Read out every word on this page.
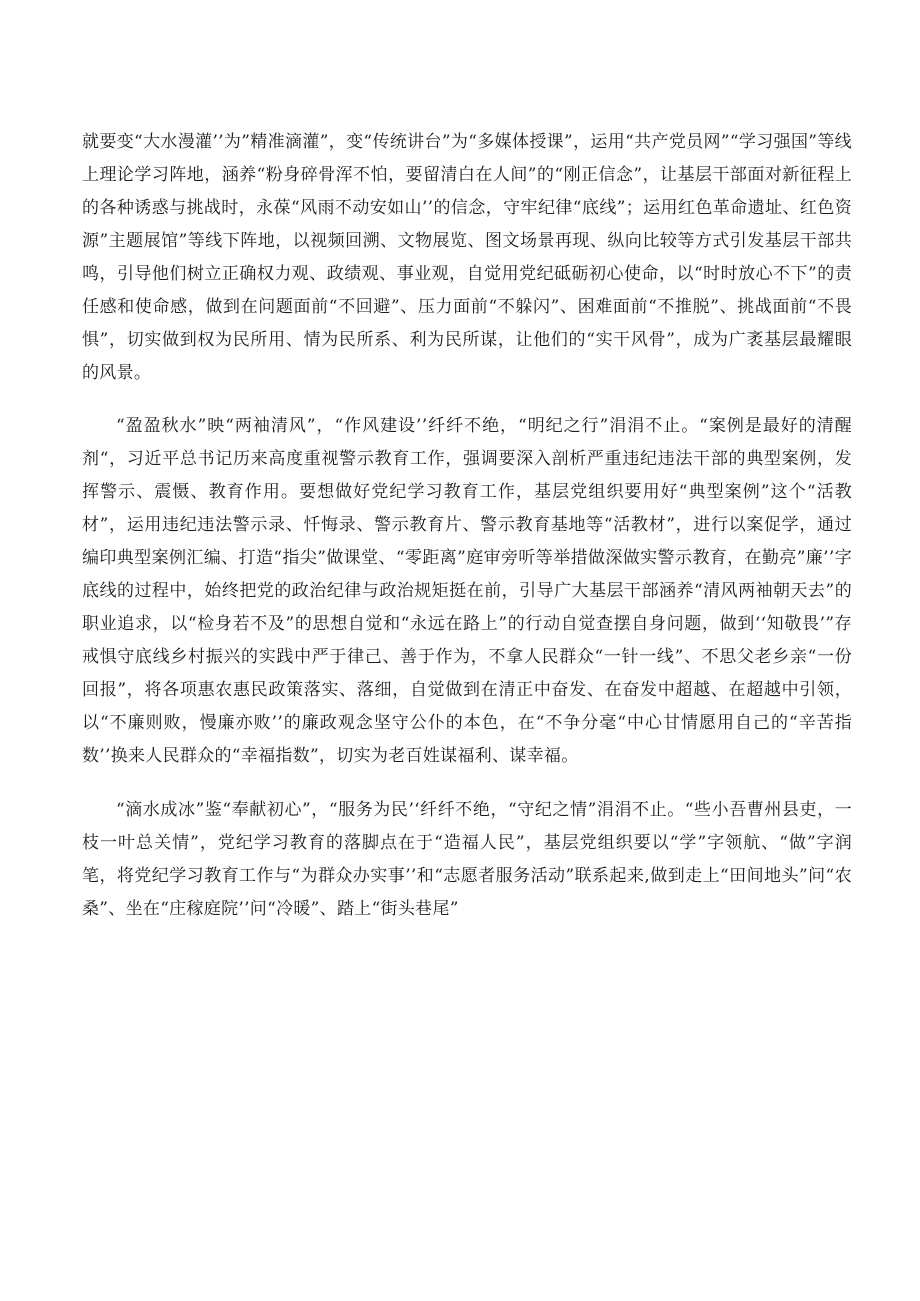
就要变“大水漫灌’’为”精准滴灌”，变“传统讲台”为“多媒体授课”，运用“共产党员网”“学习强国”等线上理论学习阵地，涵养“粉身碎骨浑不怕，要留清白在人间”的“刚正信念”，让基层干部面对新征程上的各种诱惑与挑战时，永葆“风雨不动安如山’’的信念，守牢纪律“底线”；运用红色革命遗址、红色资源”主题展馆”等线下阵地，以视频回溯、文物展览、图文场景再现、纵向比较等方式引发基层干部共鸣，引导他们树立正确权力观、政绩观、事业观，自觉用党纪砥砺初心使命，以“时时放心不下”的责任感和使命感，做到在问题面前“不回避”、压力面前“不躲闪”、困难面前“不推脱”、挑战面前“不畏惧”，切实做到权为民所用、情为民所系、利为民所谋，让他们的“实干风骨”，成为广袤基层最耀眼的风景。

“盈盈秋水”映“两袖清风”，“作风建设’’纤纤不绝，“明纪之行”涓涓不止。“案例是最好的清醒剂“，习近平总书记历来高度重视警示教育工作，强调要深入剖析严重违纪违法干部的典型案例，发挥警示、震慑、教育作用。要想做好党纪学习教育工作，基层党组织要用好“典型案例”这个“活教材”，运用违纪违法警示录、忏悔录、警示教育片、警示教育基地等“活教材”，进行以案促学，通过编印典型案例汇编、打造“指尖”做课堂、“零距离”庭审旁听等举措做深做实警示教育，在勤亮”廉’’字底线的过程中，始终把党的政治纪律与政治规矩挺在前，引导广大基层干部涵养“清风两袖朝天去”的职业追求，以“检身若不及”的思想自觉和“永远在路上”的行动自觉查摆自身问题，做到‘‘知敬畏’”存戒惧守底线乡村振兴的实践中严于律己、善于作为，不拿人民群众“一针一线”、不思父老乡亲“一份回报”，将各项惠农惠民政策落实、落细，自觉做到在清正中奋发、在奋发中超越、在超越中引领，以“不廉则败，慢廉亦败’’的廉政观念坚守公仆的本色，在“不争分毫“中心甘情愿用自己的“辛苦指数’’换来人民群众的“幸福指数”，切实为老百姓谋福利、谋幸福。

“滴水成冰”鉴“奉献初心”，“服务为民’‘纤纤不绝，“守纪之情”涓涓不止。“些小吾曹州县吏，一枝一叶总关情”，党纪学习教育的落脚点在于“造福人民”，基层党组织要以“学”字领航、“做”字润笔，将党纪学习教育工作与“为群众办实事’’和“志愿者服务活动”联系起来,做到走上“田间地头”问“农桑”、坐在“庄稼庭院’’问“冷暖”、踏上“街头巷尾”
